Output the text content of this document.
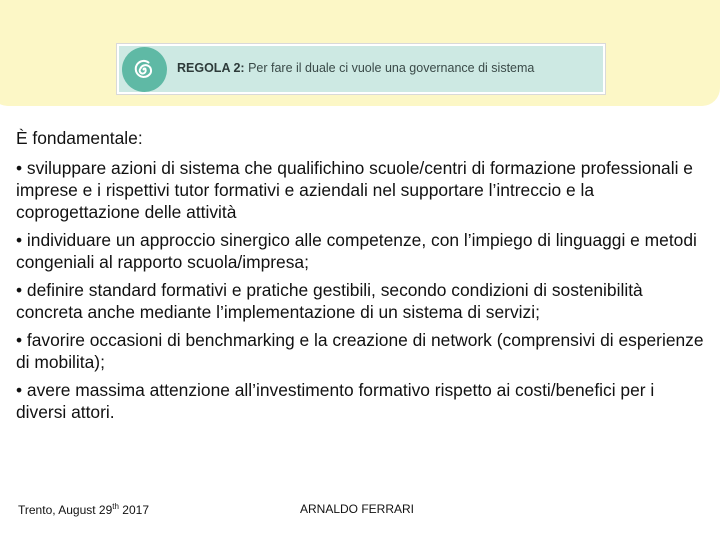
REGOLA 2: Per fare il duale ci vuole una governance di sistema

È fondamentale:

• sviluppare azioni di sistema che qualifichino scuole/centri di formazione professionali e imprese e i rispettivi tutor formativi e aziendali nel supportare l’intreccio e la coprogettazione delle attività

• individuare un approccio sinergico alle competenze, con l’impiego di linguaggi e metodi congeniali al rapporto scuola/impresa;

• definire standard formativi e pratiche gestibili, secondo condizioni di sostenibilità concreta anche mediante l’implementazione di un sistema di servizi;

• favorire occasioni di benchmarking e la creazione di network (comprensivi di esperienze di mobilita);

• avere massima attenzione all’investimento formativo rispetto ai costi/benefici per i diversi attori.

Trento, August 29th 2017	ARNALDO FERRARI
